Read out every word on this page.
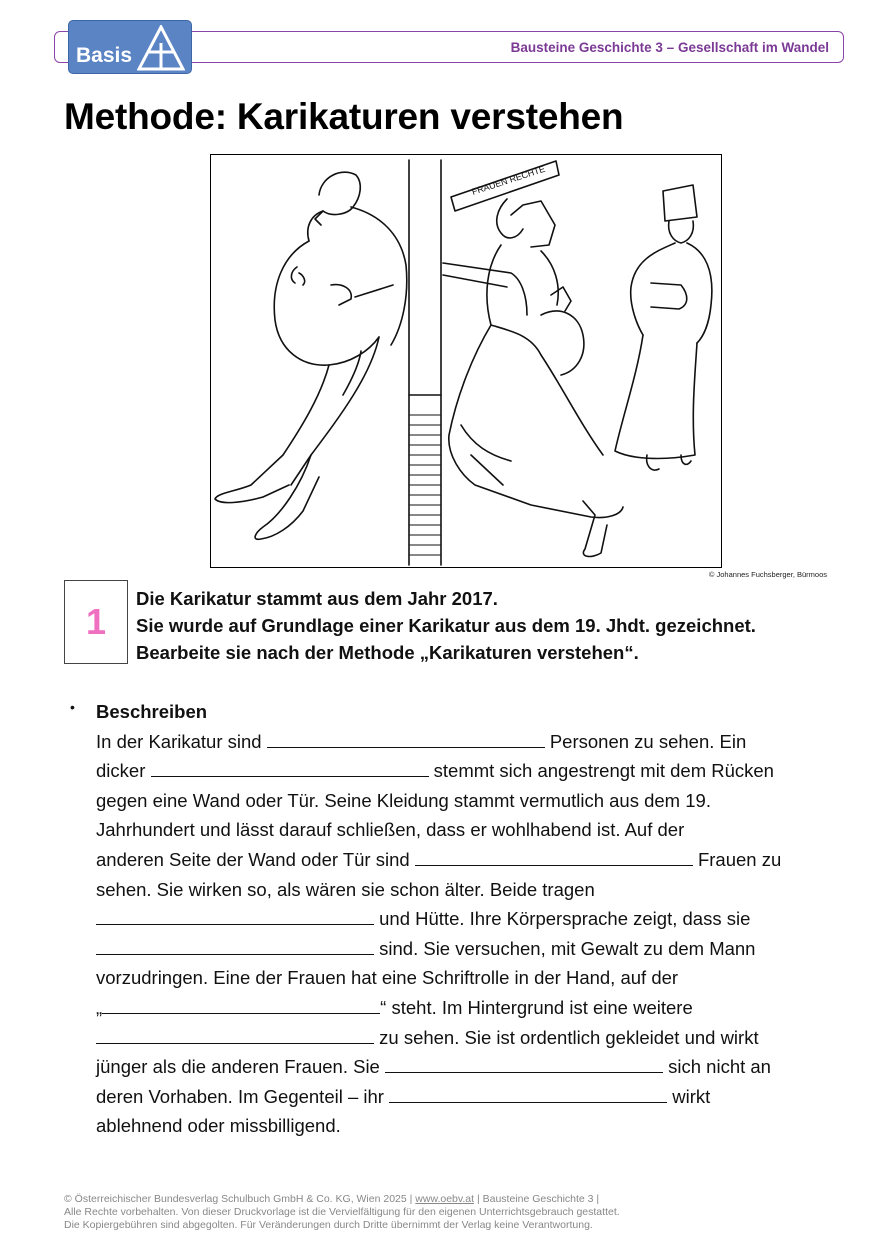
Bausteine Geschichte 3 – Gesellschaft im Wandel
Basis
Methode: Karikaturen verstehen
FRAUEN RECHTE
© Johannes Fuchsberger, Bürmoos
1
Die Karikatur stammt aus dem Jahr 2017.
Sie wurde auf Grundlage einer Karikatur aus dem 19. Jhdt. gezeichnet.
Bearbeite sie nach der Methode „Karikaturen verstehen“.
• Beschreiben
In der Karikatur sind	Personen zu sehen. Ein
dicker	stemmt sich angestrengt mit dem Rücken
gegen eine Wand oder Tür. Seine Kleidung stammt vermutlich aus dem 19.
Jahrhundert und lässt darauf schließen, dass er wohlhabend ist. Auf der
anderen Seite der Wand oder Tür sind	Frauen zu
sehen. Sie wirken so, als wären sie schon älter. Beide tragen
und Hütte. Ihre Körpersprache zeigt, dass sie
sind. Sie versuchen, mit Gewalt zu dem Mann
vorzudringen. Eine der Frauen hat eine Schriftrolle in der Hand, auf der
„	“ steht. Im Hintergrund ist eine weitere
zu sehen. Sie ist ordentlich gekleidet und wirkt
jünger als die anderen Frauen. Sie	sich nicht an
deren Vorhaben. Im Gegenteil – ihr	wirkt
ablehnend oder missbilligend.
© Österreichischer Bundesverlag Schulbuch GmbH & Co. KG, Wien 2025 | www.oebv.at | Bausteine Geschichte 3 |
Alle Rechte vorbehalten. Von dieser Druckvorlage ist die Vervielfältigung für den eigenen Unterrichtsgebrauch gestattet.
Die Kopiergebühren sind abgegolten. Für Veränderungen durch Dritte übernimmt der Verlag keine Verantwortung.
